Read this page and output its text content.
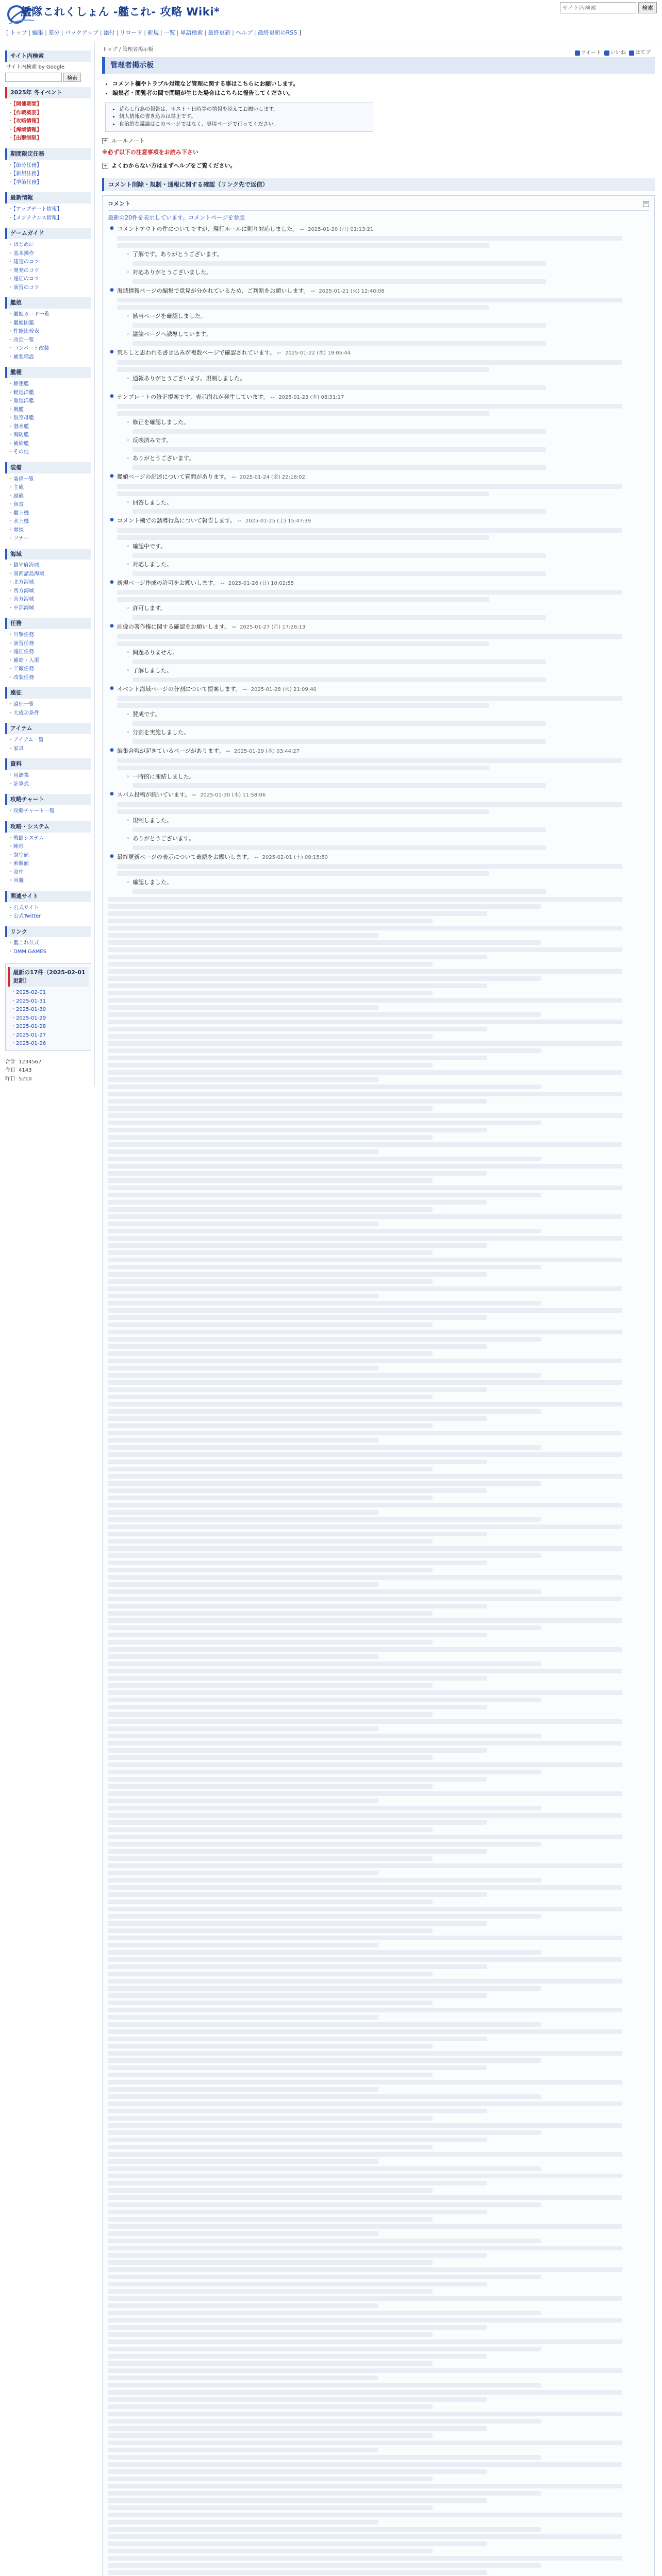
艦隊これくしょん -艦これ- 攻略 Wiki*
[ トップ | 編集 | 差分 | バックアップ | 添付 | リロード | 新規 | 一覧 | 単語検索 | 最終更新 | ヘルプ | 最終更新のRSS ]
サイト内検索
検索
ツイート いいね はてブ
サイト内検索
サイト内検索 by Google
検索
2025年 冬イベント
・ 【開催期間】
・ 【作戦概要】
・ 【攻略情報】
・ 【海域情報】
・ 【出撃制限】
期間限定任務
・ 【節分任務】
・ 【新規任務】
・ 【季節任務】
最新情報
・ 【アップデート情報】
・ 【メンテナンス情報】
ゲームガイド
・ はじめに
・ 基本操作
・ 建造のコツ
・ 開発のコツ
・ 遠征のコツ
・ 演習のコツ
艦娘
・ 艦娘カード一覧
・ 艦娘図鑑
・ 性能比較表
・ 改造一覧
・ コンバート改装
・ 補強増設
艦種
・ 駆逐艦
・ 軽巡洋艦
・ 重巡洋艦
・ 戦艦
・ 航空母艦
・ 潜水艦
・ 海防艦
・ 補給艦
・ その他
装備
・ 装備一覧
・ 主砲
・ 副砲
・ 魚雷
・ 艦上機
・ 水上機
・ 電探
・ ソナー
海域
・ 鎮守府海域
・ 南西諸島海域
・ 北方海域
・ 西方海域
・ 南方海域
・ 中部海域
任務
・ 出撃任務
・ 演習任務
・ 遠征任務
・ 補給・入渠
・ 工廠任務
・ 改装任務
遠征
・ 遠征一覧
・ 大成功条件
アイテム
・ アイテム一覧
・ 家具
資料
・ 用語集
・ 計算式
攻略チャート
・ 攻略チャート一覧
攻略・システム
・ 戦闘システム
・ 陣形
・ 制空値
・ 索敵値
・ 命中
・ 回避
関連サイト
・ 公式サイト
・ 公式Twitter
リンク
・ 艦これ公式
・ DMM GAMES
最新の17件（2025-02-01 更新）
・ 2025-02-01
・ 2025-01-31
・ 2025-01-30
・ 2025-01-29
・ 2025-01-28
・ 2025-01-27
・ 2025-01-26
合計	1234567
今日	4143
昨日	5210
トップ / 管理者掲示板
管理者掲示板
• コメント欄やトラブル対策など管理に関する事はこちらにお願いします。
• 編集者・閲覧者の間で問題が生じた場合はこちらに報告してください。
• 荒らし行為の報告は、ホスト・日時等の情報を添えてお願いします。
• 個人情報の書き込みは禁止です。
• 自治的な議論はこのページではなく、専用ページで行ってください。
+ ルールノート
※必ず以下の注意事項をお読み下さい
+ よくわからない方はまずヘルプをご覧ください。
コメント削除・規制・通報に関する確認（リンク先で返信）
コメント	−
最新の20件を表示しています。コメントページを参照
● コメントアウトの件についてですが、現行ルールに則り対応しました。 -- 2025-01-20 (月) 01:13:21
◦ 了解です。ありがとうございます。
◦ 対応ありがとうございました。
● 海域情報ページの編集で意見が分かれているため、ご判断をお願いします。 -- 2025-01-21 (火) 12:40:08
◦ 該当ページを確認しました。
◦ 議論ページへ誘導しています。
● 荒らしと思われる書き込みが複数ページで確認されています。 -- 2025-01-22 (水) 19:05:44
◦ 通報ありがとうございます。規制しました。
● テンプレートの修正提案です。表示崩れが発生しています。 -- 2025-01-23 (木) 08:31:17
◦ 修正を確認しました。
◦ 反映済みです。
◦ ありがとうございます。
● 艦娘ページの記述について質問があります。 -- 2025-01-24 (金) 22:18:02
◦ 回答しました。
● コメント欄での誘導行為について報告します。 -- 2025-01-25 (土) 15:47:39
◦ 確認中です。
◦ 対応しました。
● 新規ページ作成の許可をお願いします。 -- 2025-01-26 (日) 10:02:55
◦ 許可します。
● 画像の著作権に関する確認をお願いします。 -- 2025-01-27 (月) 17:26:13
◦ 問題ありません。
◦ 了解しました。
● イベント海域ページの分割について提案します。 -- 2025-01-28 (火) 21:09:40
◦ 賛成です。
◦ 分割を実施しました。
● 編集合戦が起きているページがあります。 -- 2025-01-29 (水) 03:44:27
◦ 一時的に凍結しました。
● スパム投稿が続いています。 -- 2025-01-30 (木) 11:58:06
◦ 規制しました。
◦ ありがとうございます。
● 最終更新ページの表示について確認をお願いします。 -- 2025-02-01 (土) 09:15:50
◦ 確認しました。
